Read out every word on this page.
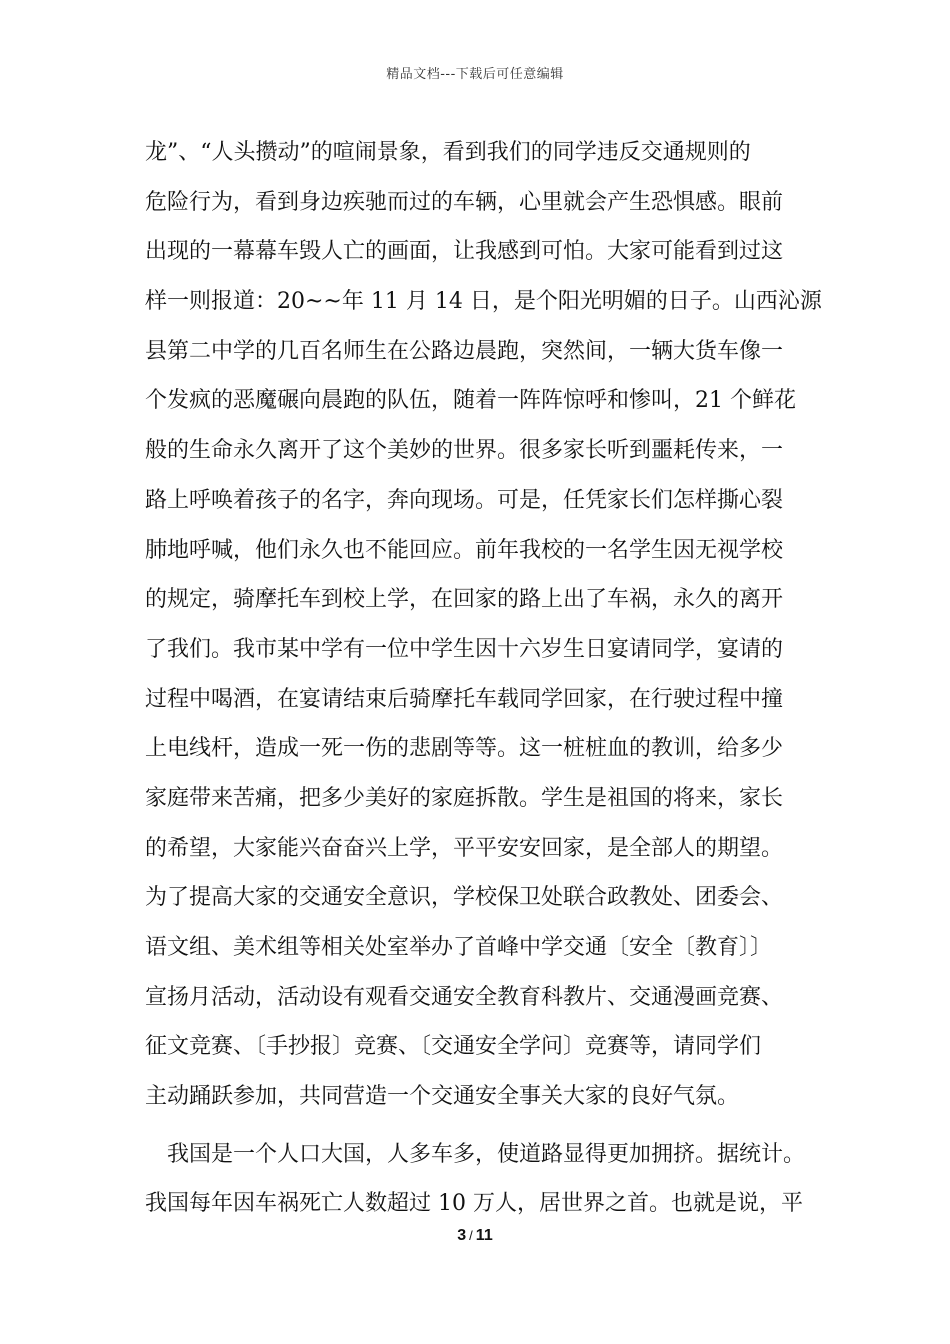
精品文档---下载后可任意编辑
龙”、“人头攒动”的喧闹景象，看到我们的同学违反交通规则的
危险行为，看到身边疾驰而过的车辆，心里就会产生恐惧感。眼前
出现的一幕幕车毁人亡的画面，让我感到可怕。大家可能看到过这
样一则报道：20~~年 11 月 14 日，是个阳光明媚的日子。山西沁源
县第二中学的几百名师生在公路边晨跑，突然间，一辆大货车像一
个发疯的恶魔碾向晨跑的队伍，随着一阵阵惊呼和惨叫，21 个鲜花
般的生命永久离开了这个美妙的世界。很多家长听到噩耗传来，一
路上呼唤着孩子的名字，奔向现场。可是，任凭家长们怎样撕心裂
肺地呼喊，他们永久也不能回应。前年我校的一名学生因无视学校
的规定，骑摩托车到校上学，在回家的路上出了车祸，永久的离开
了我们。我市某中学有一位中学生因十六岁生日宴请同学，宴请的
过程中喝酒，在宴请结束后骑摩托车载同学回家，在行驶过程中撞
上电线杆，造成一死一伤的悲剧等等。这一桩桩血的教训，给多少
家庭带来苦痛，把多少美好的家庭拆散。学生是祖国的将来，家长
的希望，大家能兴奋奋兴上学，平平安安回家，是全部人的期望。
为了提高大家的交通安全意识，学校保卫处联合政教处、团委会、
语文组、美术组等相关处室举办了首峰中学交通〔安全〔教育〕〕
宣扬月活动，活动设有观看交通安全教育科教片、交通漫画竞赛、
征文竞赛、〔手抄报〕竞赛、〔交通安全学问〕竞赛等，请同学们
主动踊跃参加，共同营造一个交通安全事关大家的良好气氛。
我国是一个人口大国，人多车多，使道路显得更加拥挤。据统计。
我国每年因车祸死亡人数超过 10 万人，居世界之首。也就是说，平
3 / 11
